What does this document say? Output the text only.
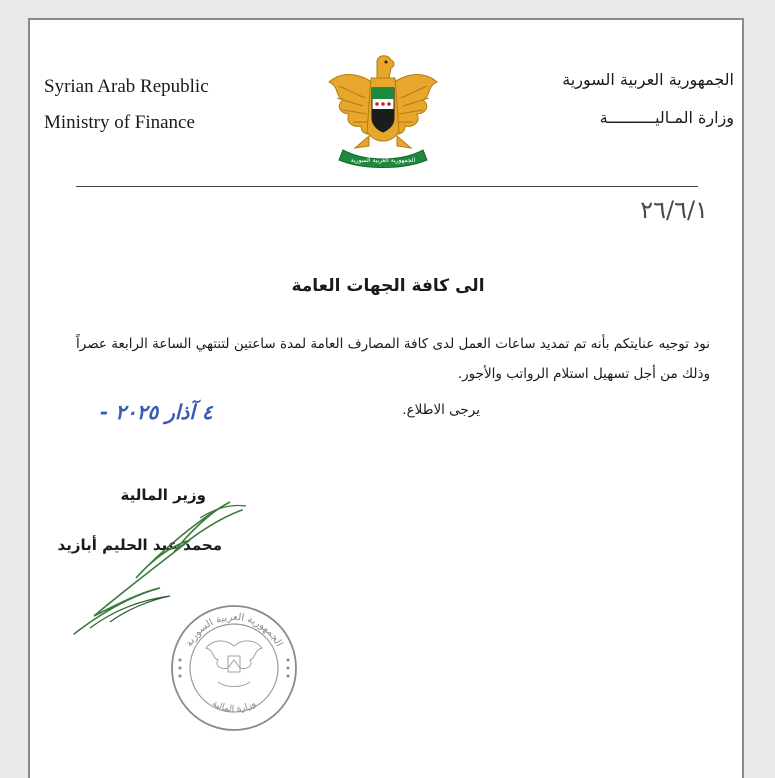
Syrian Arab Republic

Ministry of Finance

الجمهورية العربية السورية

وزارة المـاليــــــــــة

الجمهورية العربية السورية
٢٦/٦/١

الى كافة الجهات العامة

نود توجيه عنايتكم بأنه تم تمديد ساعات العمل لدى كافة المصارف العامة لمدة ساعتين لتنتهي الساعة الرابعة عصراً

وذلك من أجل تسهيل استلام الرواتب والأجور.

يرجى الاطلاع.

٤ آذار ٢٠٢٥ -

وزير المالية

محمد عبد الحليم أبازيد

الجمهورية العربية السورية
وزارة المالية
